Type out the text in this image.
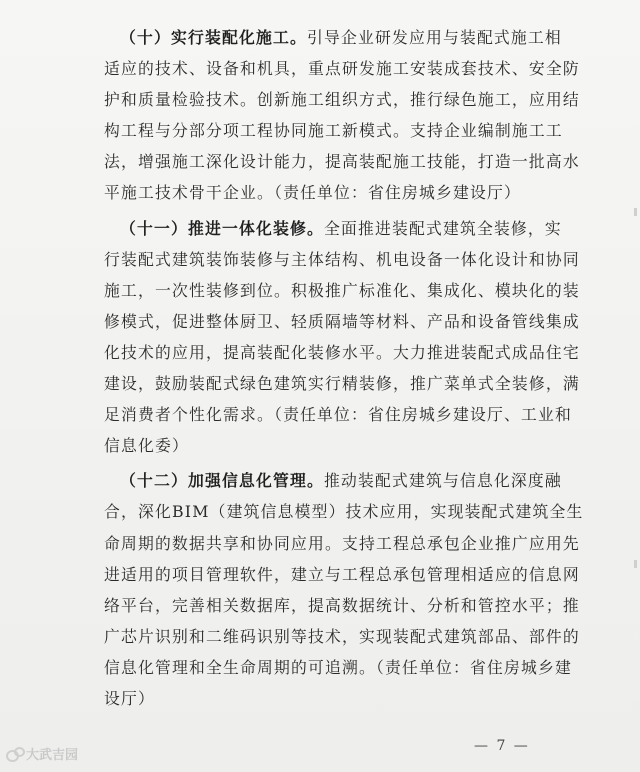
（十）实行装配化施工。引导企业研发应用与装配式施工相
适应的技术、设备和机具，重点研发施工安装成套技术、安全防
护和质量检验技术。创新施工组织方式，推行绿色施工，应用结
构工程与分部分项工程协同施工新模式。支持企业编制施工工
法，增强施工深化设计能力，提高装配施工技能，打造一批高水
平施工技术骨干企业。（责任单位：省住房城乡建设厅）

（十一）推进一体化装修。全面推进装配式建筑全装修，实
行装配式建筑装饰装修与主体结构、机电设备一体化设计和协同
施工，一次性装修到位。积极推广标准化、集成化、模块化的装
修模式，促进整体厨卫、轻质隔墙等材料、产品和设备管线集成
化技术的应用，提高装配化装修水平。大力推进装配式成品住宅
建设，鼓励装配式绿色建筑实行精装修，推广菜单式全装修，满
足消费者个性化需求。（责任单位：省住房城乡建设厅、工业和
信息化委）

（十二）加强信息化管理。推动装配式建筑与信息化深度融
合，深化BIM（建筑信息模型）技术应用，实现装配式建筑全生
命周期的数据共享和协同应用。支持工程总承包企业推广应用先
进适用的项目管理软件，建立与工程总承包管理相适应的信息网
络平台，完善相关数据库，提高数据统计、分析和管控水平；推
广芯片识别和二维码识别等技术，实现装配式建筑部品、部件的
信息化管理和全生命周期的可追溯。（责任单位：省住房城乡建
设厅）

— 7 —
大武吉园
